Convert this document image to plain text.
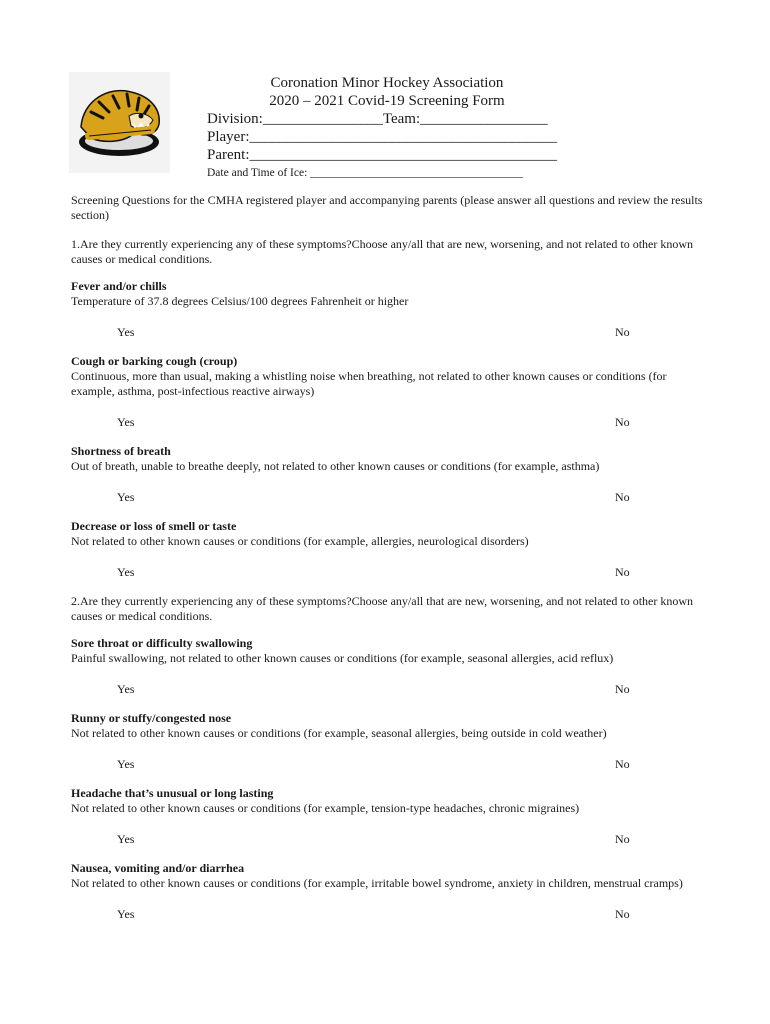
Coronation Minor Hockey Association
2020 – 2021 Covid-19 Screening Form
Division:________________Team:_________________
Player:_________________________________________
Parent:_________________________________________
Date and Time of Ice: _____________________________________

Screening Questions for the CMHA registered player and accompanying parents (please answer all questions and review the results section)

1.Are they currently experiencing any of these symptoms?Choose any/all that are new, worsening, and not related to other known causes or medical conditions.

Fever and/or chills
Temperature of 37.8 degrees Celsius/100 degrees Fahrenheit or higher
Yes	No
Cough or barking cough (croup)
Continuous, more than usual, making a whistling noise when breathing, not related to other known causes or conditions (for example, asthma, post-infectious reactive airways)
Yes	No
Shortness of breath
Out of breath, unable to breathe deeply, not related to other known causes or conditions (for example, asthma)
Yes	No
Decrease or loss of smell or taste
Not related to other known causes or conditions (for example, allergies, neurological disorders)
Yes	No

2.Are they currently experiencing any of these symptoms?Choose any/all that are new, worsening, and not related to other known causes or medical conditions.

Sore throat or difficulty swallowing
Painful swallowing, not related to other known causes or conditions (for example, seasonal allergies, acid reflux)
Yes	No
Runny or stuffy/congested nose
Not related to other known causes or conditions (for example, seasonal allergies, being outside in cold weather)
Yes	No
Headache that’s unusual or long lasting
Not related to other known causes or conditions (for example, tension-type headaches, chronic migraines)
Yes	No
Nausea, vomiting and/or diarrhea
Not related to other known causes or conditions (for example, irritable bowel syndrome, anxiety in children, menstrual cramps)
Yes	No
